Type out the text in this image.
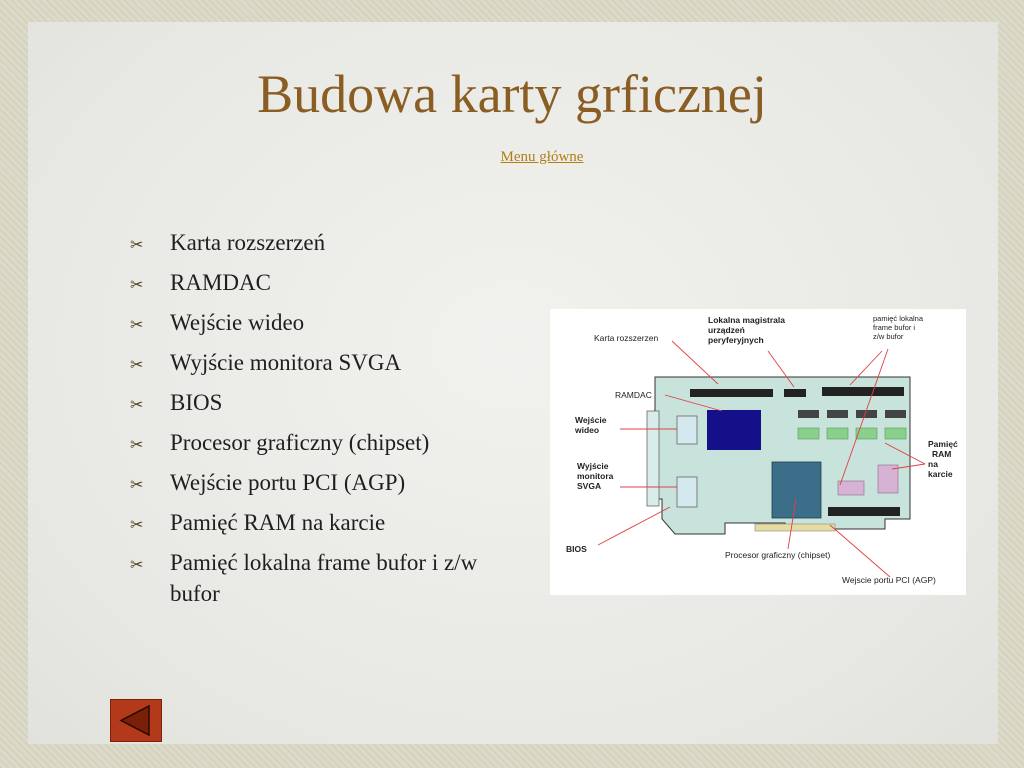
Budowa karty grficznej
Menu główne
✂	Karta rozszerzeń
✂	RAMDAC
✂	Wejście wideo
✂	Wyjście monitora SVGA
✂	BIOS
✂	Procesor graficzny (chipset)
✂	Wejście portu PCI (AGP)
✂	Pamięć RAM na karcie
✂	Pamięć lokalna frame bufor i z/w bufor
Karta rozszerzen
Lokalna magistrala
urządzeń
peryferyjnych
pamięć lokalna
frame bufor i
z/w bufor
RAMDAC
Wejście
wideo
Wyjście
monitora
SVGA
Pamięć
RAM
na
karcie
BIOS
Procesor graficzny (chipset)
Wejscie portu PCI (AGP)
